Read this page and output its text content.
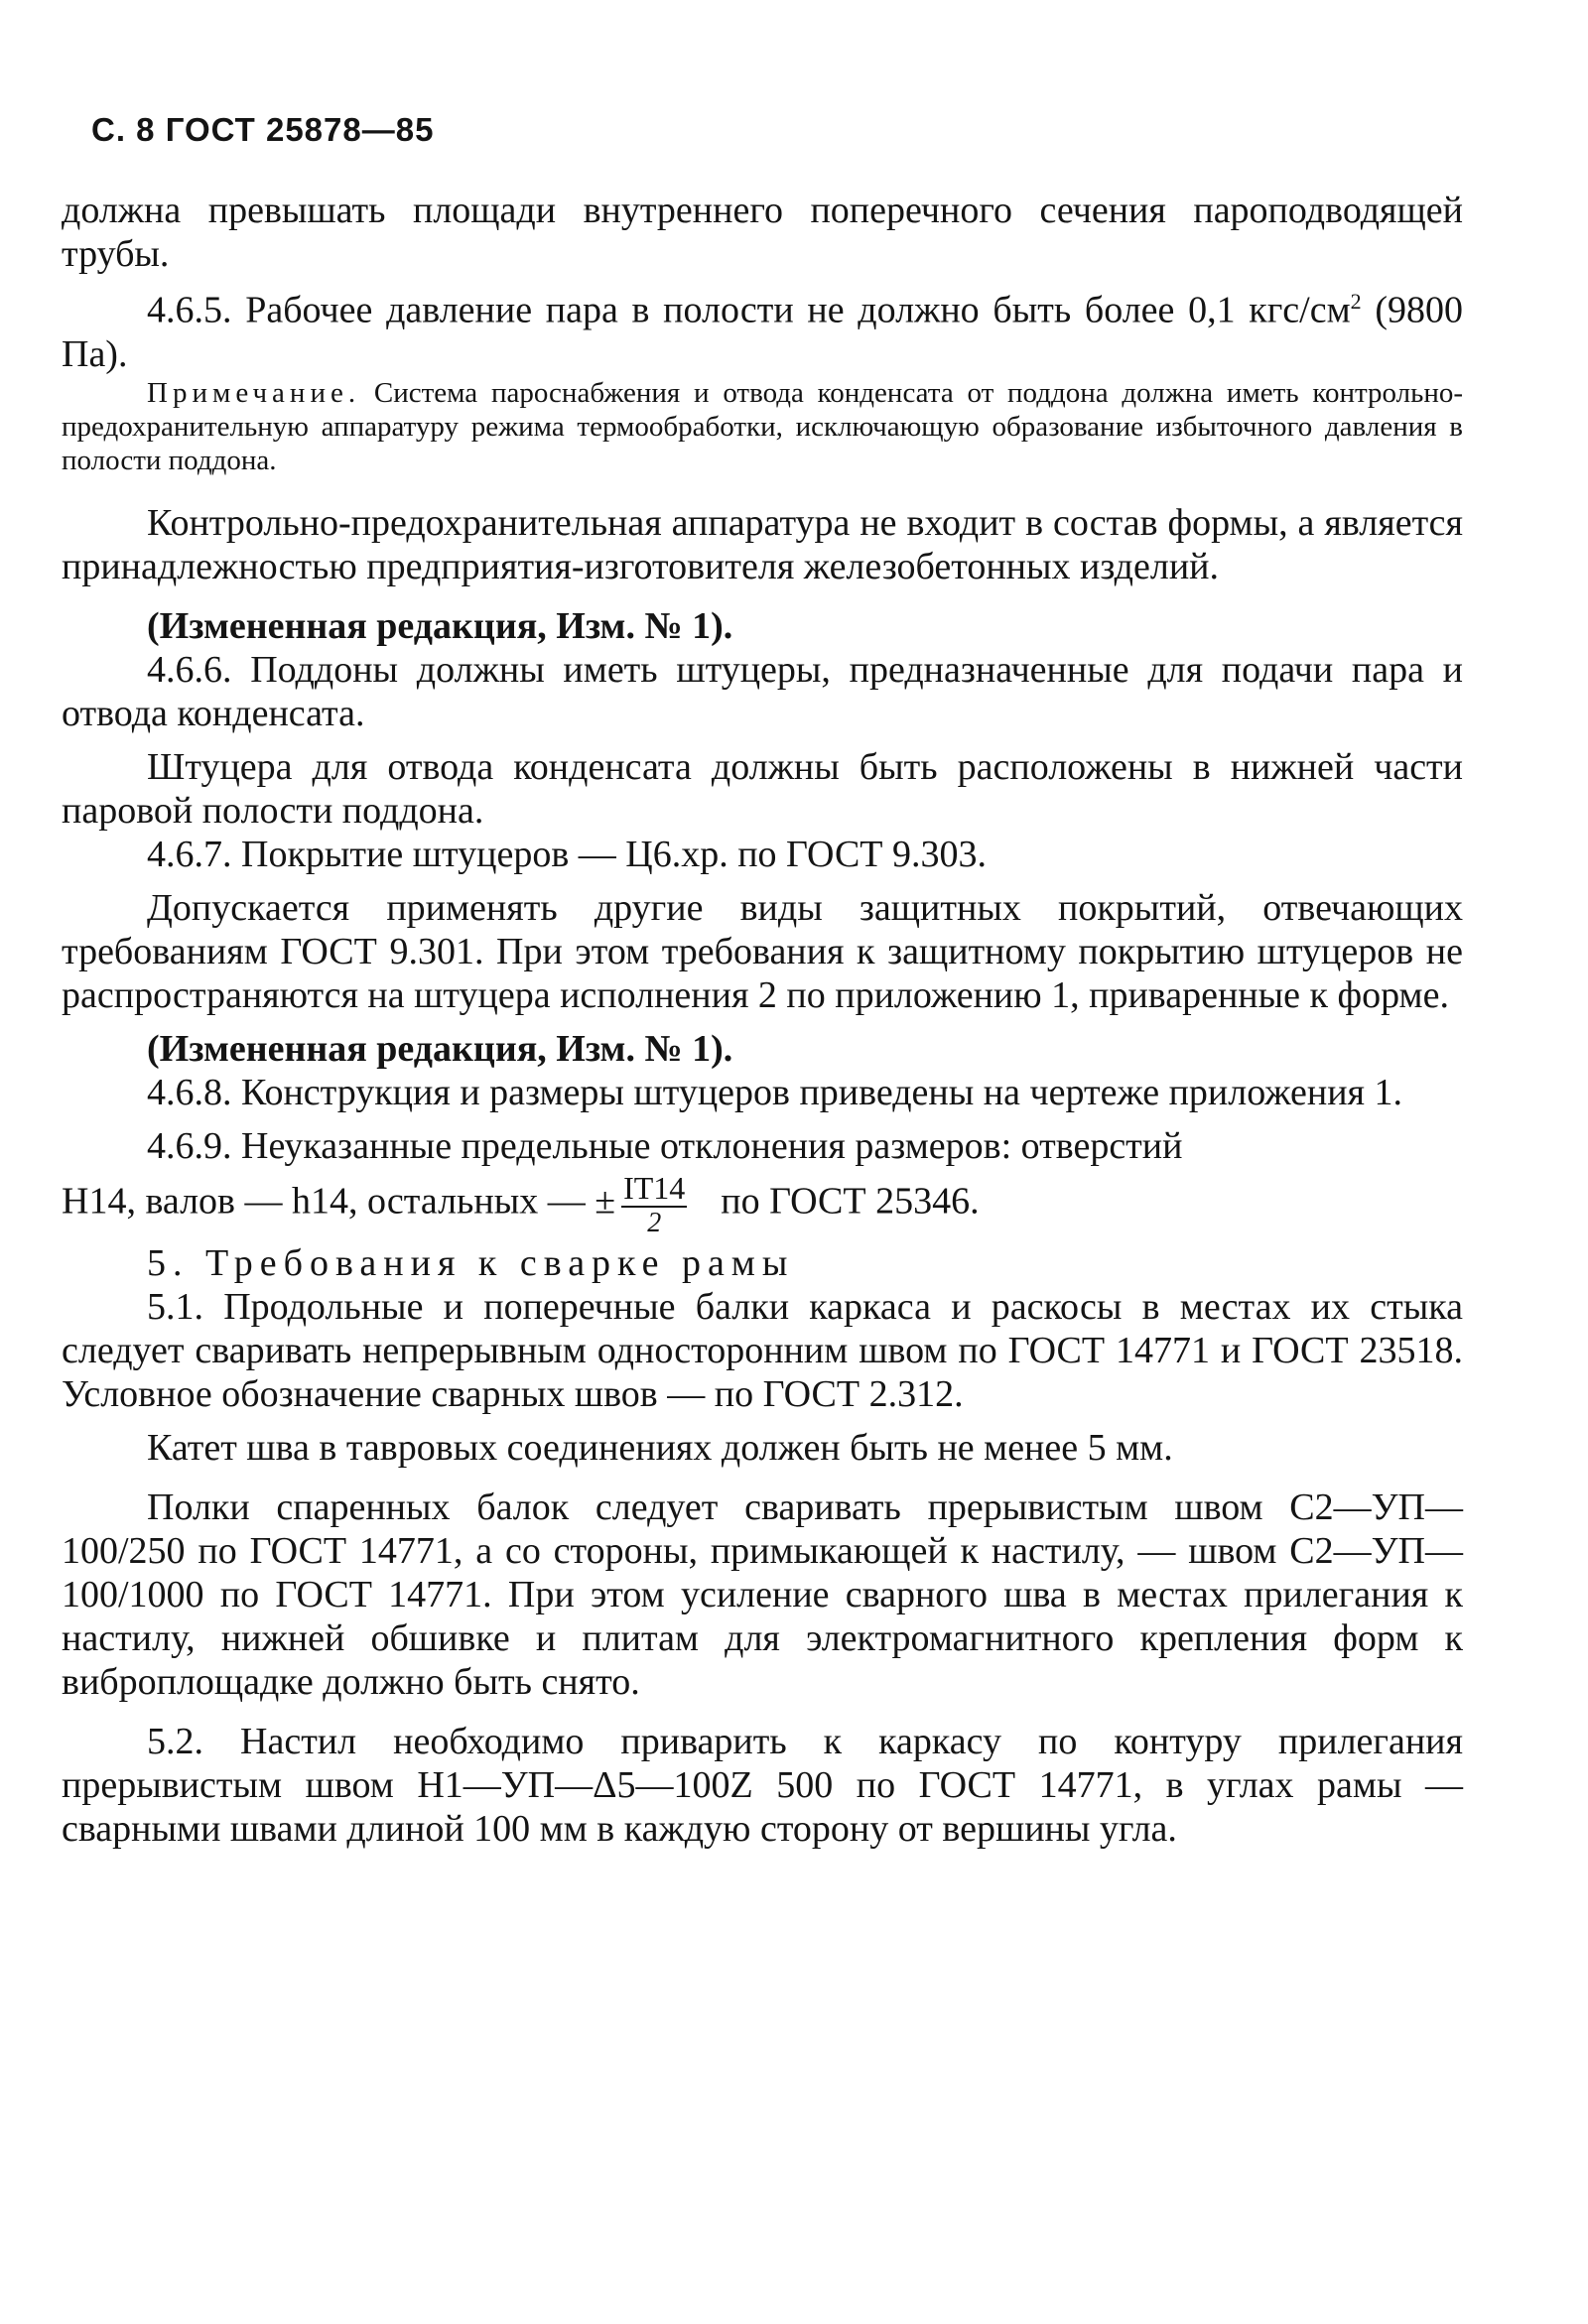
С. 8 ГОСТ 25878—85

должна превышать площади внутреннего поперечного сечения пароподводящей трубы.

4.6.5. Рабочее давление пара в полости не должно быть более 0,1 кгс/$см^2$ (9800 Па).

Примечание. Система пароснабжения и отвода конденсата от поддона должна иметь контрольно-предохранительную аппаратуру режима термообработки, исключающую образование избыточного давления в полости поддона.

Контрольно-предохранительная аппаратура не входит в состав формы, а является принадлежностью предприятия-изготовителя железобетонных изделий.

(Измененная редакция, Изм. № 1).

4.6.6. Поддоны должны иметь штуцеры, предназначенные для подачи пара и отвода конденсата.

Штуцера для отвода конденсата должны быть расположены в нижней части паровой полости поддона.

4.6.7. Покрытие штуцеров — Ц6.хр. по ГОСТ 9.303.

Допускается применять другие виды защитных покрытий, отвечающих требованиям ГОСТ 9.301. При этом требования к защитному покрытию штуцеров не распространяются на штуцера исполнения 2 по приложению 1, приваренные к форме.

(Измененная редакция, Изм. № 1).

4.6.8. Конструкция и размеры штуцеров приведены на чертеже приложения 1.

4.6.9. Неуказанные предельные отклонения размеров: отверстий

Н14, валов — h14, остальных — ± $\frac{IT14}{2}$ по ГОСТ 25346.

5. Требования к сварке рамы

5.1. Продольные и поперечные балки каркаса и раскосы в местах их стыка следует сваривать непрерывным односторонним швом по ГОСТ 14771 и ГОСТ 23518. Условное обозначение сварных швов — по ГОСТ 2.312.

Катет шва в тавровых соединениях должен быть не менее 5 мм.

Полки спаренных балок следует сваривать прерывистым швом С2—УП—100/250 по ГОСТ 14771, а со стороны, примыкающей к настилу, — швом С2—УП—100/1000 по ГОСТ 14771. При этом усиление сварного шва в местах прилегания к настилу, нижней обшивке и плитам для электромагнитного крепления форм к виброплощадке должно быть снято.

5.2. Настил необходимо приварить к каркасу по контуру прилегания прерывистым швом Н1—УП—Δ5—100Z 500 по ГОСТ 14771, в углах рамы — сварными швами длиной 100 мм в каждую сторону от вершины угла.
